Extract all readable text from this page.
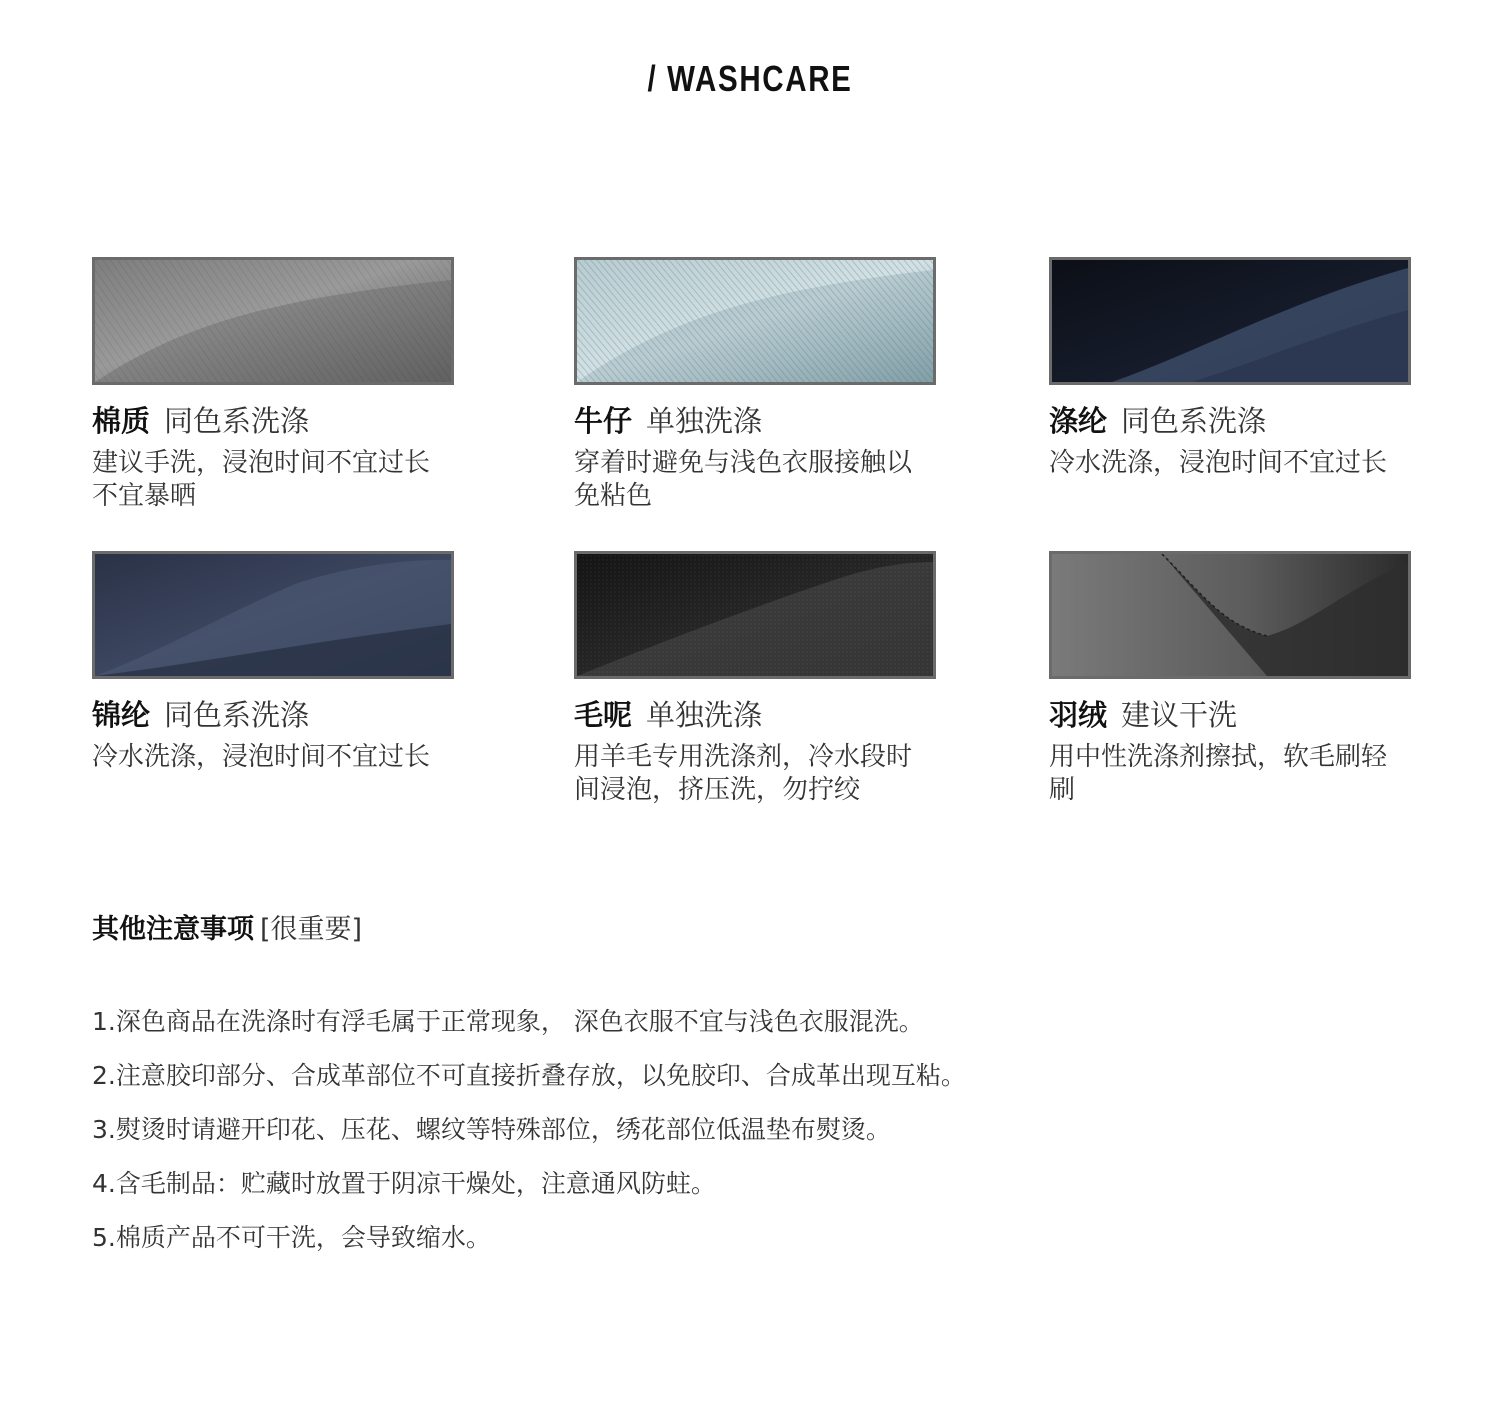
/ WASHCARE
棉质 同色系洗涤
建议手洗，浸泡时间不宜过长不宜暴晒
牛仔 单独洗涤
穿着时避免与浅色衣服接触以免粘色
涤纶 同色系洗涤
冷水洗涤，浸泡时间不宜过长
锦纶 同色系洗涤
冷水洗涤，浸泡时间不宜过长
毛呢 单独洗涤
用羊毛专用洗涤剂，冷水段时间浸泡，挤压洗，勿拧绞
羽绒 建议干洗
用中性洗涤剂擦拭，软毛刷轻刷
其他注意事项 [很重要]
1.深色商品在洗涤时有浮毛属于正常现象， 深色衣服不宜与浅色衣服混洗。
2.注意胶印部分、合成革部位不可直接折叠存放，以免胶印、合成革出现互粘。
3.熨烫时请避开印花、压花、螺纹等特殊部位，绣花部位低温垫布熨烫。
4.含毛制品：贮藏时放置于阴凉干燥处，注意通风防蛀。
5.棉质产品不可干洗，会导致缩水。
